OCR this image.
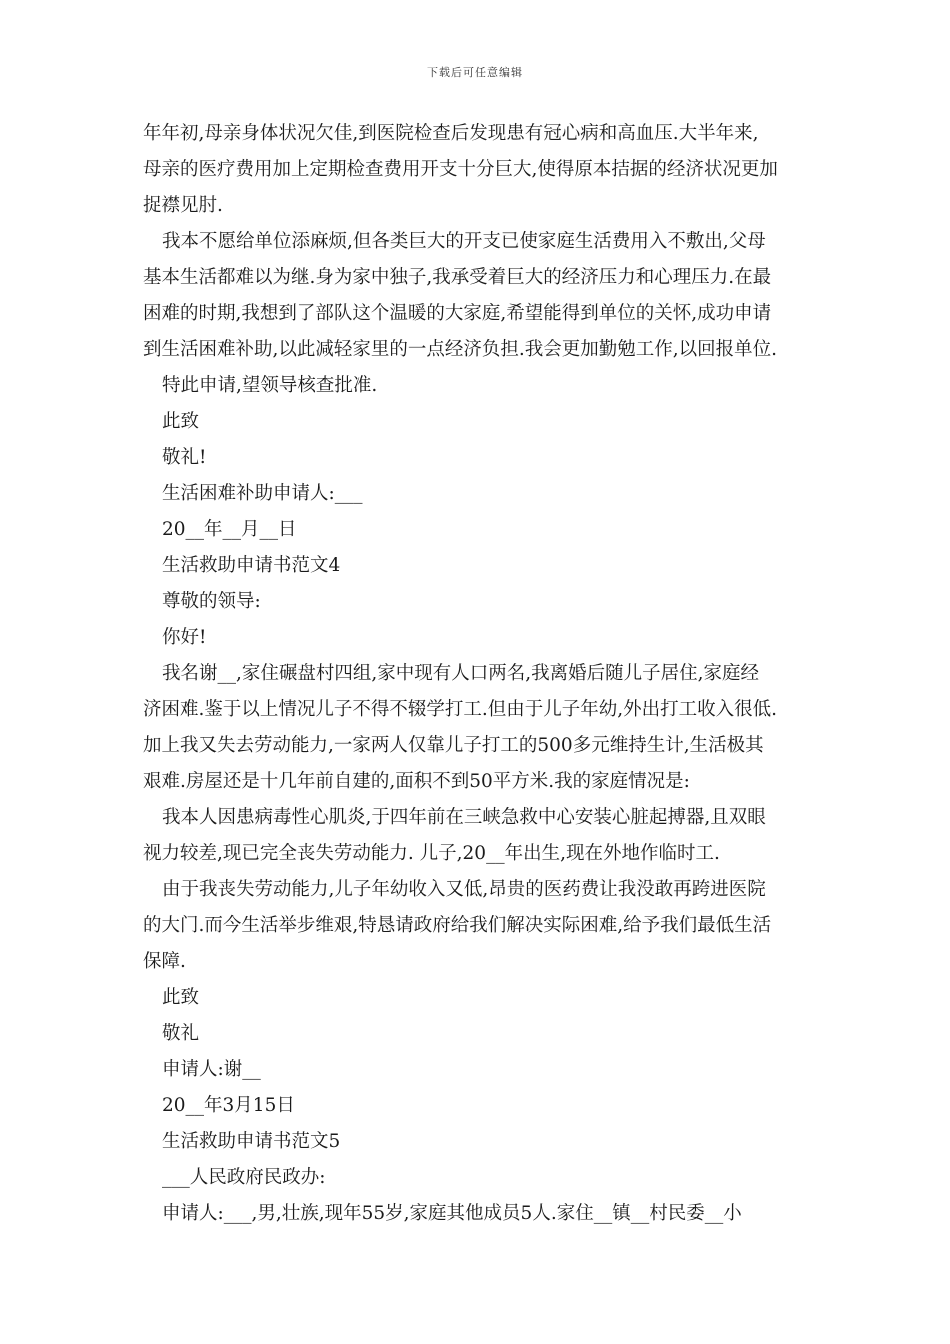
下载后可任意编辑
年年初,母亲身体状况欠佳,到医院检查后发现患有冠心病和高血压.大半年来,
母亲的医疗费用加上定期检查费用开支十分巨大,使得原本拮据的经济状况更加
捉襟见肘.
我本不愿给单位添麻烦,但各类巨大的开支已使家庭生活费用入不敷出,父母
基本生活都难以为继.身为家中独子,我承受着巨大的经济压力和心理压力.在最
困难的时期,我想到了部队这个温暖的大家庭,希望能得到单位的关怀,成功申请
到生活困难补助,以此减轻家里的一点经济负担.我会更加勤勉工作,以回报单位.
特此申请,望领导核查批准.
此致
敬礼!
生活困难补助申请人:___
20__年__月__日
生活救助申请书范文4
尊敬的领导:
你好!
我名谢__,家住碾盘村四组,家中现有人口两名,我离婚后随儿子居住,家庭经
济困难.鉴于以上情况儿子不得不辍学打工.但由于儿子年幼,外出打工收入很低.
加上我又失去劳动能力,一家两人仅靠儿子打工的500多元维持生计,生活极其
艰难.房屋还是十几年前自建的,面积不到50平方米.我的家庭情况是:
我本人因患病毒性心肌炎,于四年前在三峡急救中心安装心脏起搏器,且双眼
视力较差,现已完全丧失劳动能力. 儿子,20__年出生,现在外地作临时工.
由于我丧失劳动能力,儿子年幼收入又低,昂贵的医药费让我没敢再跨进医院
的大门.而今生活举步维艰,特恳请政府给我们解决实际困难,给予我们最低生活
保障.
此致
敬礼
申请人:谢__
20__年3月15日
生活救助申请书范文5
___人民政府民政办:
申请人:___,男,壮族,现年55岁,家庭其他成员5人.家住__镇__村民委__小
